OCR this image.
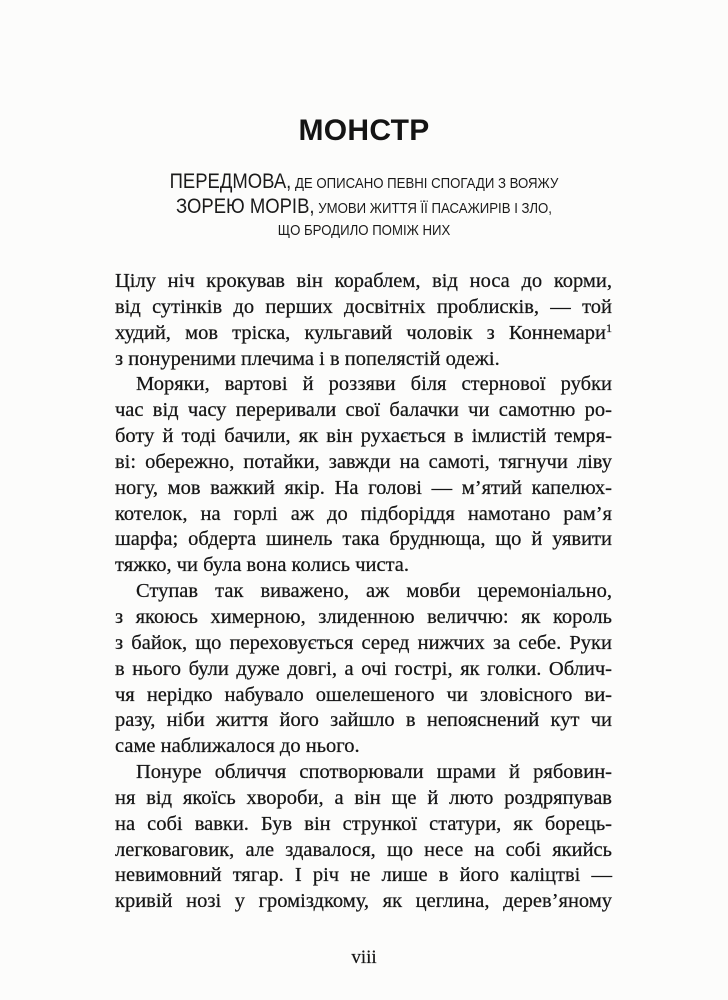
МОНСТР
ПЕРЕДМОВА, ДЕ ОПИСАНО ПЕВНІ СПОГАДИ З ВОЯЖУ
ЗОРЕЮ МОРІВ, УМОВИ ЖИТТЯ ЇЇ ПАСАЖИРІВ І ЗЛО,
ЩО БРОДИЛО ПОМІЖ НИХ
Цілу ніч крокував він кораблем, від носа до корми,
від сутінків до перших досвітніх проблисків, — той
худий, мов тріска, кульгавий чоловік з Коннемари$^1$
з понуреними плечима і в попелястій одежі.
Моряки, вартові й роззяви біля стернової рубки
час від часу переривали свої балачки чи самотню ро-
боту й тоді бачили, як він рухається в імлистій темря-
ві: обережно, потайки, завжди на самоті, тягнучи ліву
ногу, мов важкий якір. На голові — м’ятий капелюх-
котелок, на горлі аж до підборіддя намотано рам’я
шарфа; обдерта шинель така бруднюща, що й уявити
тяжко, чи була вона колись чиста.
Ступав так виважено, аж мовби церемоніально,
з якоюсь химерною, злиденною величчю: як король
з байок, що переховується серед нижчих за себе. Руки
в нього були дуже довгі, а очі гострі, як голки. Облич-
чя нерідко набувало ошелешеного чи зловісного ви-
разу, ніби життя його зайшло в непояснений кут чи
саме наближалося до нього.
Понуре обличчя спотворювали шрами й рябовин-
ня від якоїсь хвороби, а він ще й люто роздряпував
на собі вавки. Був він стрункої статури, як борець-
легковаговик, але здавалося, що несе на собі якийсь
невимовний тягар. І річ не лише в його каліцтві —
кривій нозі у громіздкому, як цеглина, дерев’яному
viii
